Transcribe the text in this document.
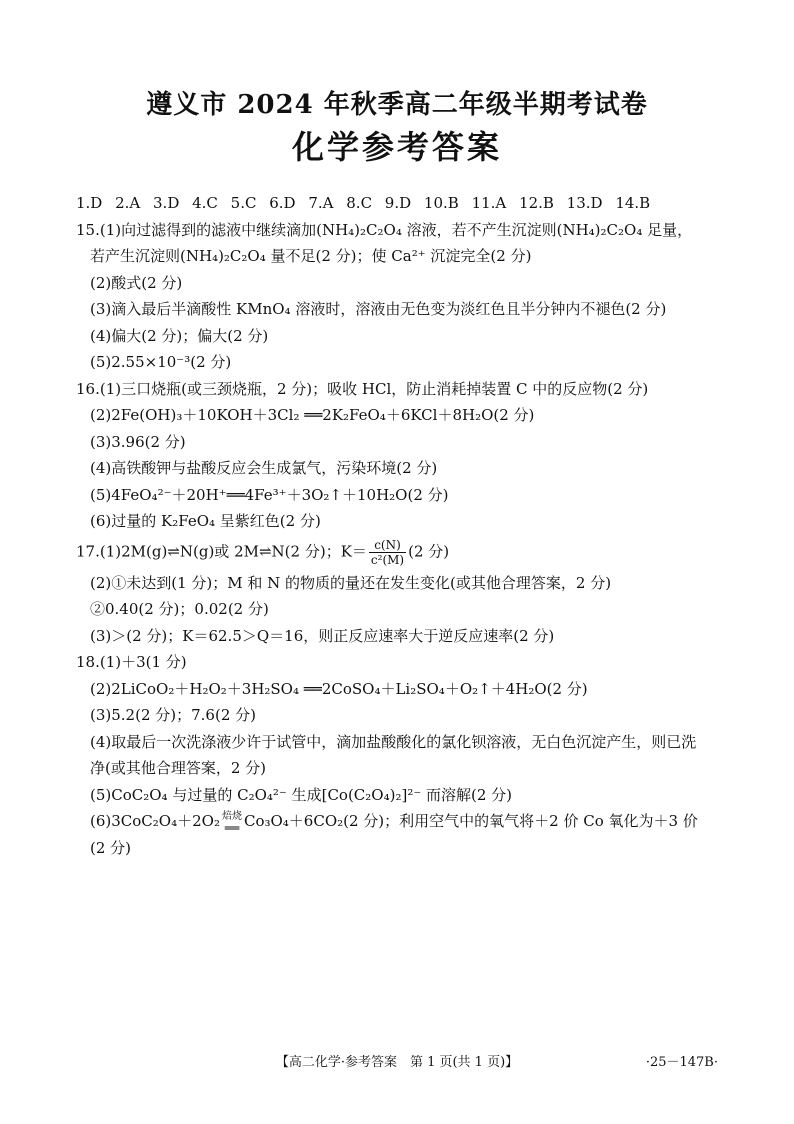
遵义市 2024 年秋季高二年级半期考试卷
化学参考答案
1.D 2.A 3.D 4.C 5.C 6.D 7.A 8.C 9.D 10.B 11.A 12.B 13.D 14.B
15.(1)向过滤得到的滤液中继续滴加(NH₄)₂C₂O₄ 溶液，若不产生沉淀则(NH₄)₂C₂O₄ 足量，
若产生沉淀则(NH₄)₂C₂O₄ 量不足(2 分)；使 Ca²⁺ 沉淀完全(2 分)
(2)酸式(2 分)
(3)滴入最后半滴酸性 KMnO₄ 溶液时，溶液由无色变为淡红色且半分钟内不褪色(2 分)
(4)偏大(2 分)；偏大(2 分)
(5)2.55×10⁻³(2 分)
16.(1)三口烧瓶(或三颈烧瓶，2 分)；吸收 HCl，防止消耗掉装置 C 中的反应物(2 分)
(2)2Fe(OH)₃＋10KOH＋3Cl₂ ══2K₂FeO₄＋6KCl＋8H₂O(2 分)
(3)3.96(2 分)
(4)高铁酸钾与盐酸反应会生成氯气，污染环境(2 分)
(5)4FeO₄²⁻＋20H⁺══4Fe³⁺＋3O₂↑＋10H₂O(2 分)
(6)过量的 K₂FeO₄ 呈紫红色(2 分)
17.(1)2M(g)⇌N(g)或 2M⇌N(2 分)；$K= \frac{c(N)}{\text{c²(M)}} (2$ 分)
(2)①未达到(1 分)；M 和 N 的物质的量还在发生变化(或其他合理答案，2 分)
②0.40(2 分)；0.02(2 分)
(3)＞(2 分)；K＝62.5＞Q＝16，则正反应速率大于逆反应速率(2 分)
18.(1)＋3(1 分)
(2)2LiCoO₂＋H₂O₂＋3H₂SO₄ ══2CoSO₄＋Li₂SO₄＋O₂↑＋4H₂O(2 分)
(3)5.2(2 分)；7.6(2 分)
(4)取最后一次洗涤液少许于试管中，滴加盐酸酸化的氯化钡溶液，无白色沉淀产生，则已洗
净(或其他合理答案，2 分)
(5)CoC₂O₄ 与过量的 C₂O₄²⁻ 生成[Co(C₂O₄)₂]²⁻ 而溶解(2 分)
(6)3CoC₂O₄＋2O₂ 焙烧
══ Co₃O₄＋6CO₂(2 分)；利用空气中的氧气将＋2 价 Co 氧化为＋3 价
(2 分)
【高二化学·参考答案　第 1 页(共 1 页)】	·25－147B·
